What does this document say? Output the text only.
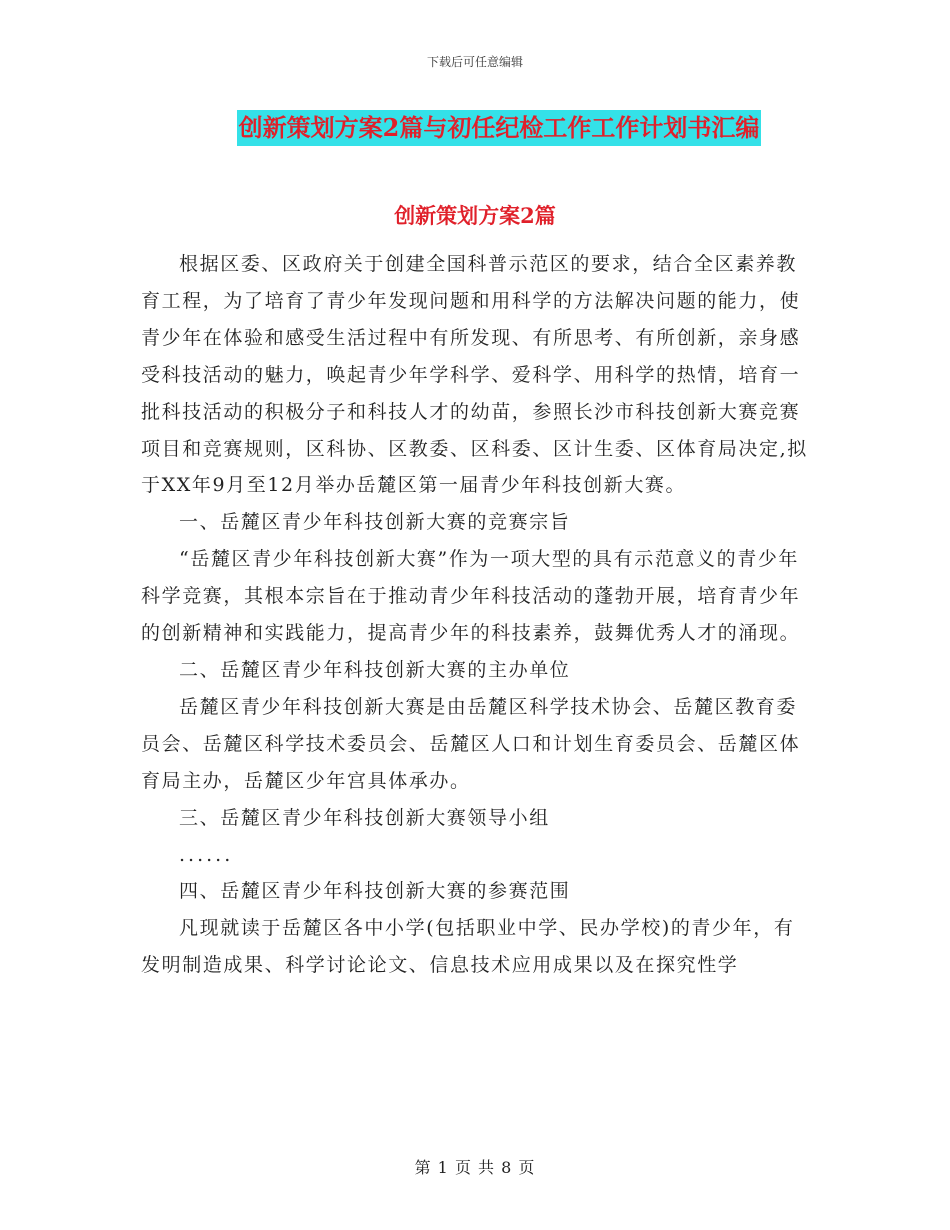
下载后可任意编辑
创新策划方案2篇与初任纪检工作工作计划书汇编
创新策划方案2篇

根据区委、区政府关于创建全国科普示范区的要求，结合全区素养教育工程，为了培育了青少年发现问题和用科学的方法解决问题的能力，使青少年在体验和感受生活过程中有所发现、有所思考、有所创新，亲身感受科技活动的魅力，唤起青少年学科学、爱科学、用科学的热情，培育一批科技活动的积极分子和科技人才的幼苗，参照长沙市科技创新大赛竞赛项目和竞赛规则，区科协、区教委、区科委、区计生委、区体育局决定,拟于XX年9月至12月举办岳麓区第一届青少年科技创新大赛。

一、岳麓区青少年科技创新大赛的竞赛宗旨

“岳麓区青少年科技创新大赛”作为一项大型的具有示范意义的青少年科学竞赛，其根本宗旨在于推动青少年科技活动的蓬勃开展，培育青少年的创新精神和实践能力，提高青少年的科技素养，鼓舞优秀人才的涌现。

二、岳麓区青少年科技创新大赛的主办单位

岳麓区青少年科技创新大赛是由岳麓区科学技术协会、岳麓区教育委员会、岳麓区科学技术委员会、岳麓区人口和计划生育委员会、岳麓区体育局主办，岳麓区少年宫具体承办。

三、岳麓区青少年科技创新大赛领导小组

......

四、岳麓区青少年科技创新大赛的参赛范围

凡现就读于岳麓区各中小学(包括职业中学、民办学校)的青少年，有发明制造成果、科学讨论论文、信息技术应用成果以及在探究性学

第 1 页 共 8 页
